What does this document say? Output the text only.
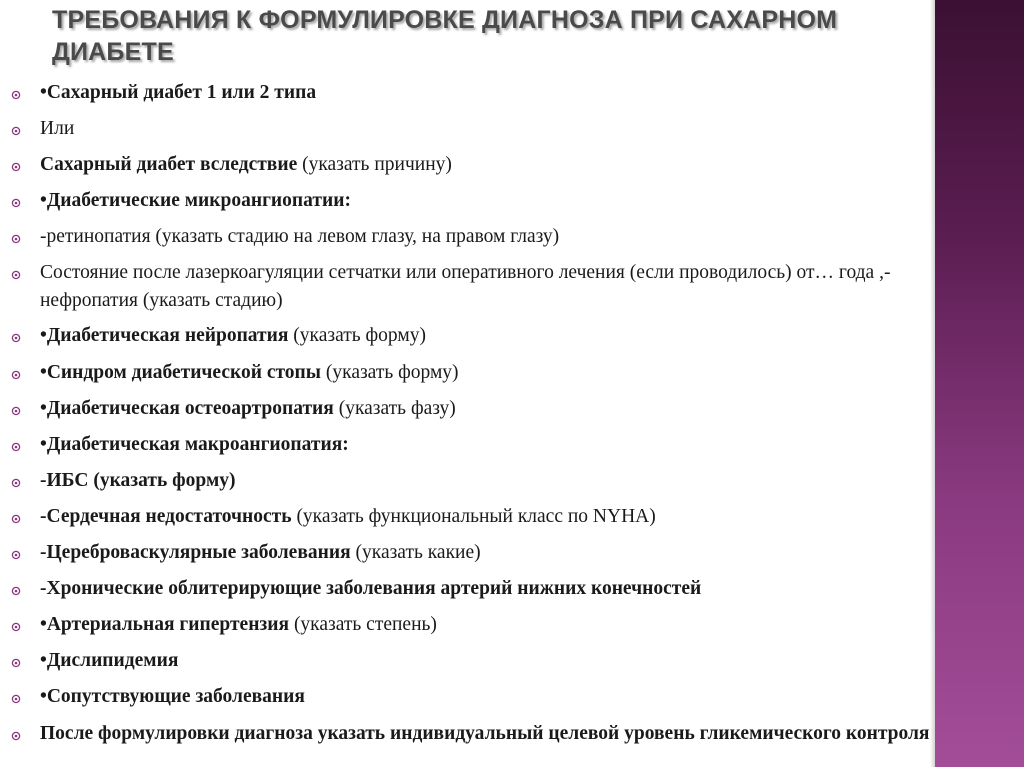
ТРЕБОВАНИЯ К ФОРМУЛИРОВКЕ ДИАГНОЗА ПРИ САХАРНОМ ДИАБЕТЕ
•Сахарный диабет 1 или 2 типа
Или
Сахарный диабет вследствие (указать причину)
•Диабетические микроангиопатии:
-ретинопатия (указать стадию на левом глазу, на правом глазу)
Состояние после лазеркоагуляции сетчатки или оперативного лечения (если проводилось) от… года ,-нефропатия (указать стадию)
•Диабетическая нейропатия (указать форму)
•Синдром диабетической стопы (указать форму)
•Диабетическая остеоартропатия (указать фазу)
•Диабетическая макроангиопатия:
-ИБС (указать форму)
-Сердечная недостаточность (указать функциональный класс по NYHA)
-Цереброваскулярные заболевания (указать какие)
-Хронические облитерирующие заболевания артерий нижних конечностей
•Артериальная гипертензия (указать степень)
•Дислипидемия
•Сопутствующие заболевания
После формулировки диагноза указать индивидуальный целевой уровень гликемического контроля
